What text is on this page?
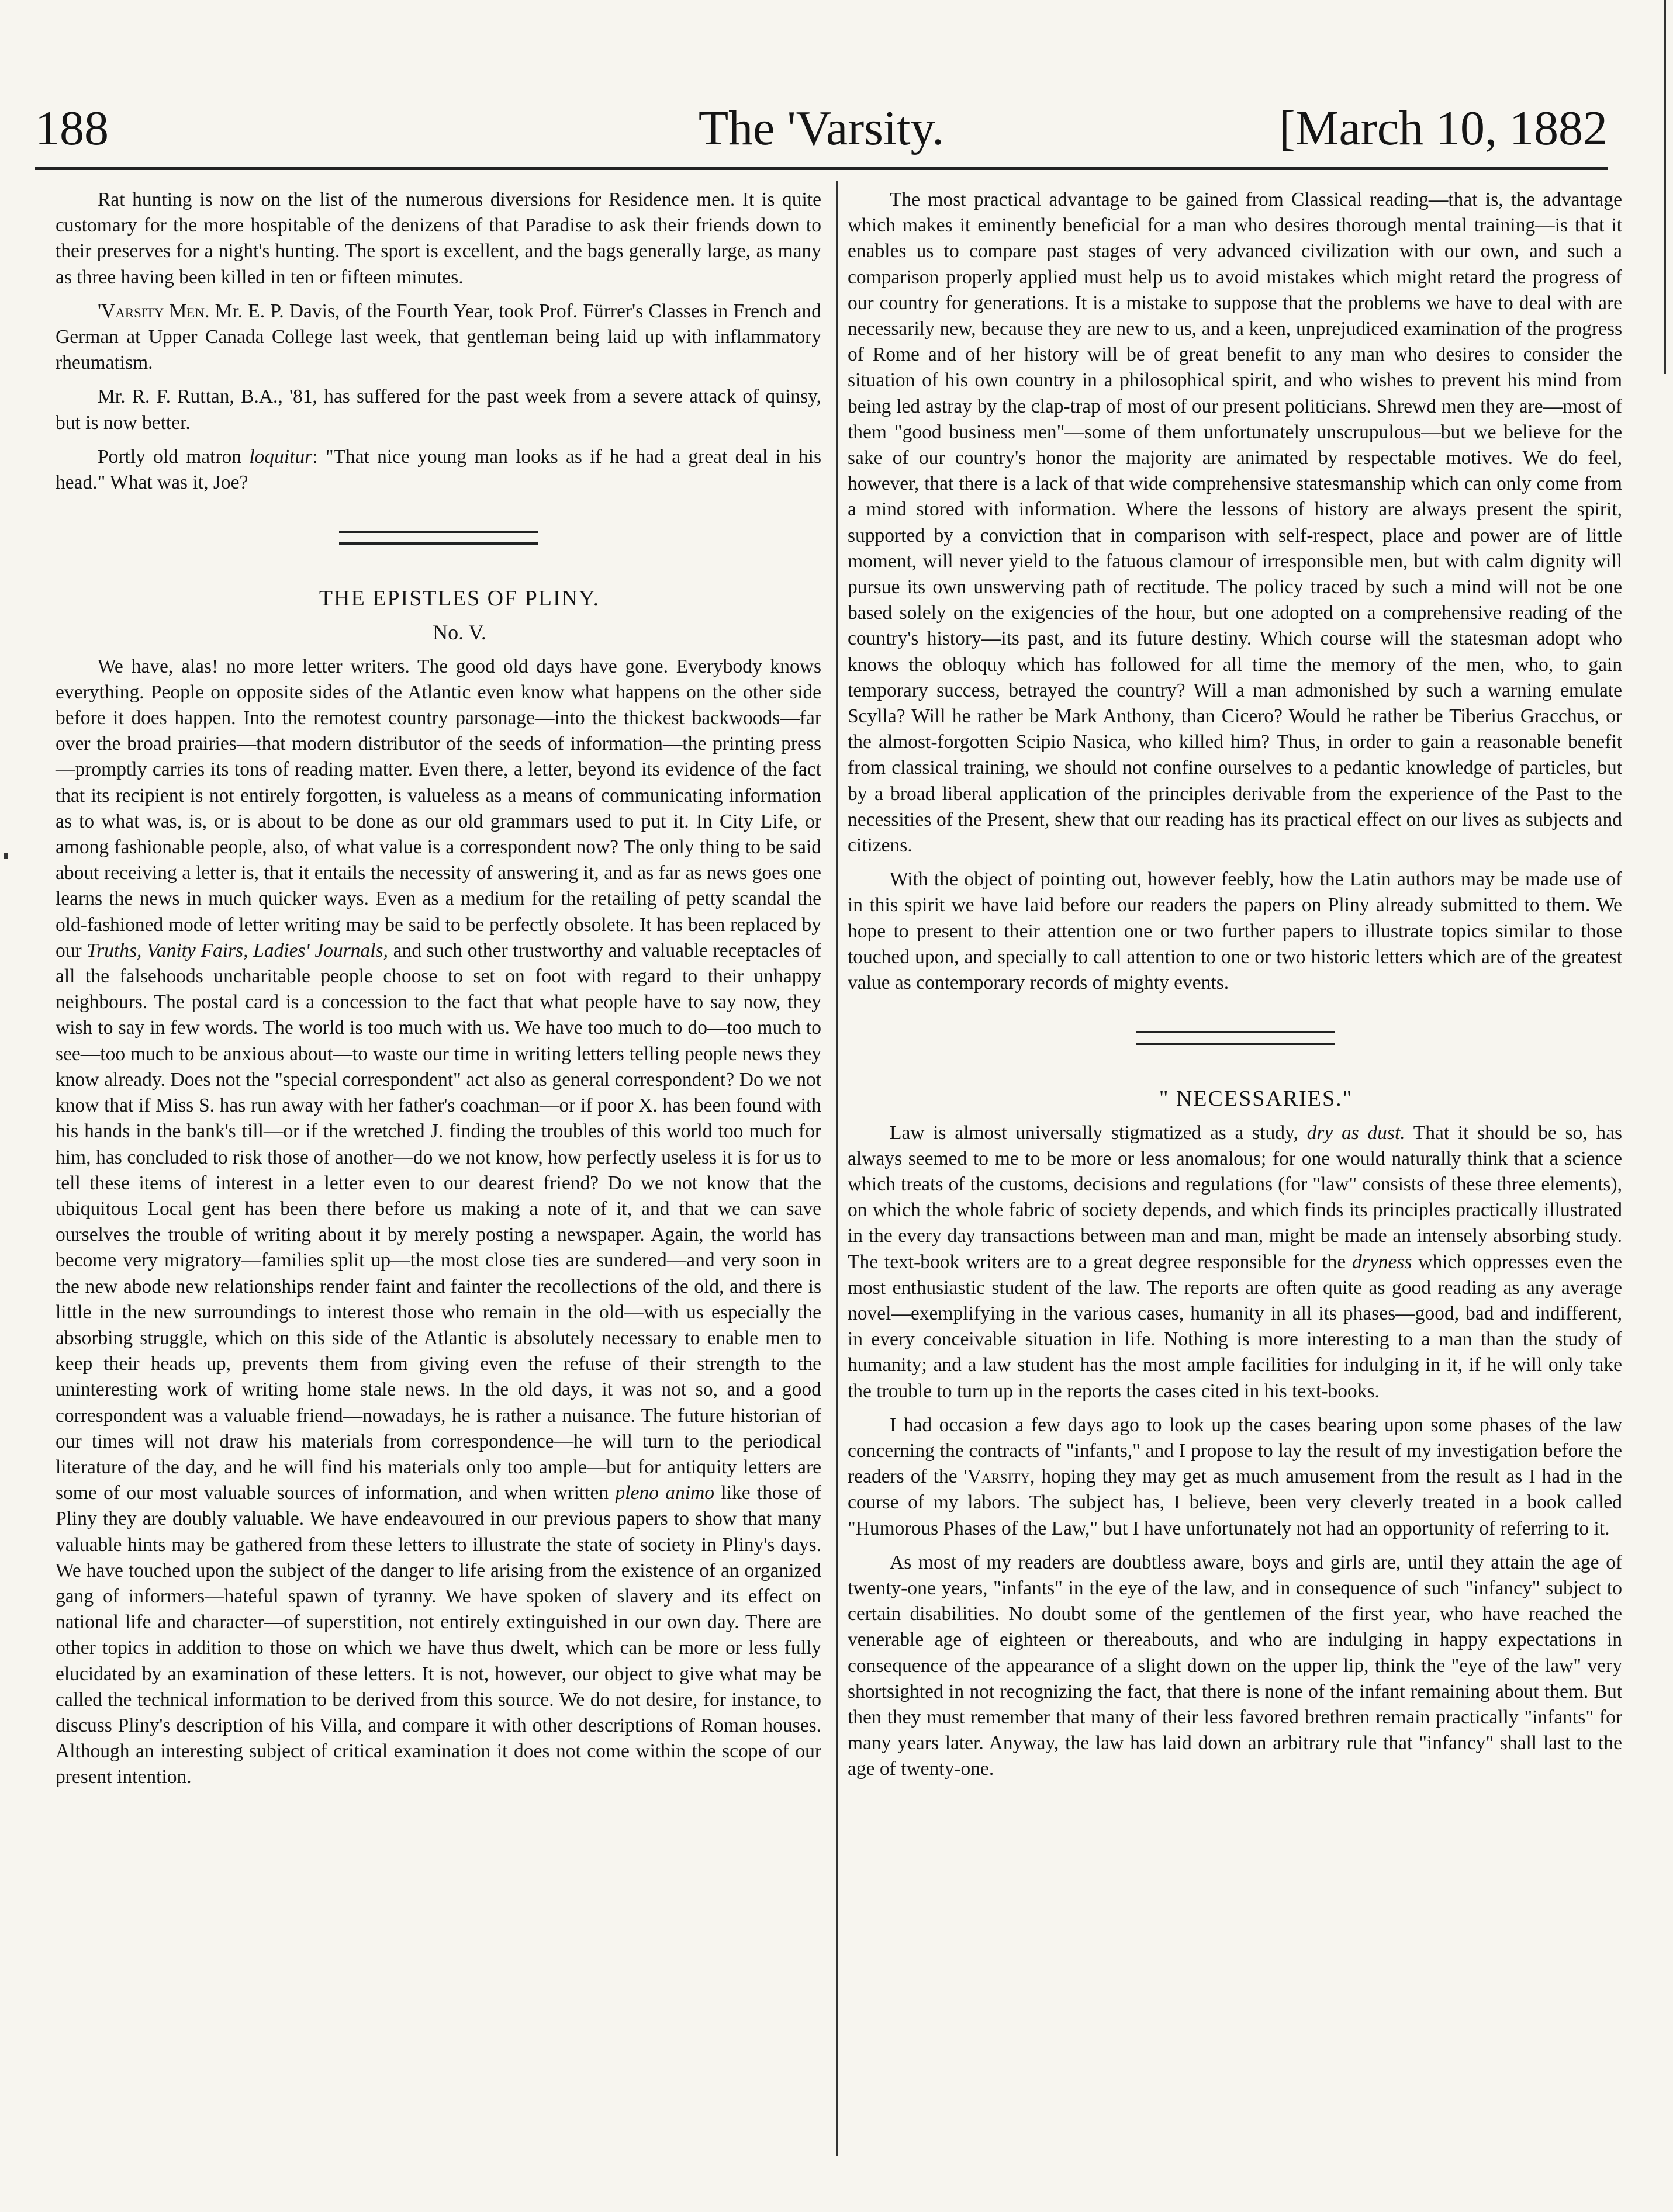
188	The 'Varsity.	[March 10, 1882

Rat hunting is now on the list of the numerous diversions for Residence men. It is quite customary for the more hospitable of the denizens of that Paradise to ask their friends down to their preserves for a night's hunting. The sport is excellent, and the bags generally large, as many as three having been killed in ten or fifteen minutes.

'Varsity Men. Mr. E. P. Davis, of the Fourth Year, took Prof. Fürrer's Classes in French and German at Upper Canada College last week, that gentleman being laid up with inflammatory rheumatism.

Mr. R. F. Ruttan, B.A., '81, has suffered for the past week from a severe attack of quinsy, but is now better.

Portly old matron loquitur: "That nice young man looks as if he had a great deal in his head." What was it, Joe?

THE EPISTLES OF PLINY.

No. V.

We have, alas! no more letter writers. The good old days have gone. Everybody knows everything. People on opposite sides of the Atlantic even know what happens on the other side before it does happen. Into the remotest country parsonage—into the thickest backwoods—far over the broad prairies—that modern distributor of the seeds of information—the printing press—promptly carries its tons of reading matter. Even there, a letter, beyond its evidence of the fact that its recipient is not entirely forgotten, is valueless as a means of communicating information as to what was, is, or is about to be done as our old grammars used to put it. In City Life, or among fashionable people, also, of what value is a correspondent now? The only thing to be said about receiving a letter is, that it entails the necessity of answering it, and as far as news goes one learns the news in much quicker ways. Even as a medium for the retailing of petty scandal the old-fashioned mode of letter writing may be said to be perfectly obsolete. It has been replaced by our Truths, Vanity Fairs, Ladies' Journals, and such other trustworthy and valuable receptacles of all the falsehoods uncharitable people choose to set on foot with regard to their unhappy neighbours. The postal card is a concession to the fact that what people have to say now, they wish to say in few words. The world is too much with us. We have too much to do—too much to see—too much to be anxious about—to waste our time in writing letters telling people news they know already. Does not the "special correspondent" act also as general correspondent? Do we not know that if Miss S. has run away with her father's coachman—or if poor X. has been found with his hands in the bank's till—or if the wretched J. finding the troubles of this world too much for him, has concluded to risk those of another—do we not know, how perfectly useless it is for us to tell these items of interest in a letter even to our dearest friend? Do we not know that the ubiquitous Local gent has been there before us making a note of it, and that we can save ourselves the trouble of writing about it by merely posting a newspaper. Again, the world has become very migratory—families split up—the most close ties are sundered—and very soon in the new abode new relationships render faint and fainter the recollections of the old, and there is little in the new surroundings to interest those who remain in the old—with us especially the absorbing struggle, which on this side of the Atlantic is absolutely necessary to enable men to keep their heads up, prevents them from giving even the refuse of their strength to the uninteresting work of writing home stale news. In the old days, it was not so, and a good correspondent was a valuable friend—nowadays, he is rather a nuisance. The future historian of our times will not draw his materials from correspondence—he will turn to the periodical literature of the day, and he will find his materials only too ample—but for antiquity letters are some of our most valuable sources of information, and when written pleno animo like those of Pliny they are doubly valuable. We have endeavoured in our previous papers to show that many valuable hints may be gathered from these letters to illustrate the state of society in Pliny's days. We have touched upon the subject of the danger to life arising from the existence of an organized gang of informers—hateful spawn of tyranny. We have spoken of slavery and its effect on national life and character—of superstition, not entirely extinguished in our own day. There are other topics in addition to those on which we have thus dwelt, which can be more or less fully elucidated by an examination of these letters. It is not, however, our object to give what may be called the technical information to be derived from this source. We do not desire, for instance, to discuss Pliny's description of his Villa, and compare it with other descriptions of Roman houses. Although an interesting subject of critical examination it does not come within the scope of our present intention.

The most practical advantage to be gained from Classical reading—that is, the advantage which makes it eminently beneficial for a man who desires thorough mental training—is that it enables us to compare past stages of very advanced civilization with our own, and such a comparison properly applied must help us to avoid mistakes which might retard the progress of our country for generations. It is a mistake to suppose that the problems we have to deal with are necessarily new, because they are new to us, and a keen, unprejudiced examination of the progress of Rome and of her history will be of great benefit to any man who desires to consider the situation of his own country in a philosophical spirit, and who wishes to prevent his mind from being led astray by the clap-trap of most of our present politicians. Shrewd men they are—most of them "good business men"—some of them unfortunately unscrupulous—but we believe for the sake of our country's honor the majority are animated by respectable motives. We do feel, however, that there is a lack of that wide comprehensive statesmanship which can only come from a mind stored with information. Where the lessons of history are always present the spirit, supported by a conviction that in comparison with self-respect, place and power are of little moment, will never yield to the fatuous clamour of irresponsible men, but with calm dignity will pursue its own unswerving path of rectitude. The policy traced by such a mind will not be one based solely on the exigencies of the hour, but one adopted on a comprehensive reading of the country's history—its past, and its future destiny. Which course will the statesman adopt who knows the obloquy which has followed for all time the memory of the men, who, to gain temporary success, betrayed the country? Will a man admonished by such a warning emulate Scylla? Will he rather be Mark Anthony, than Cicero? Would he rather be Tiberius Gracchus, or the almost-forgotten Scipio Nasica, who killed him? Thus, in order to gain a reasonable benefit from classical training, we should not confine ourselves to a pedantic knowledge of particles, but by a broad liberal application of the principles derivable from the experience of the Past to the necessities of the Present, shew that our reading has its practical effect on our lives as subjects and citizens.

With the object of pointing out, however feebly, how the Latin authors may be made use of in this spirit we have laid before our readers the papers on Pliny already submitted to them. We hope to present to their attention one or two further papers to illustrate topics similar to those touched upon, and specially to call attention to one or two historic letters which are of the greatest value as contemporary records of mighty events.

" NECESSARIES."

Law is almost universally stigmatized as a study, dry as dust. That it should be so, has always seemed to me to be more or less anomalous; for one would naturally think that a science which treats of the customs, decisions and regulations (for "law" consists of these three elements), on which the whole fabric of society depends, and which finds its principles practically illustrated in the every day transactions between man and man, might be made an intensely absorbing study. The text-book writers are to a great degree responsible for the dryness which oppresses even the most enthusiastic student of the law. The reports are often quite as good reading as any average novel—exemplifying in the various cases, humanity in all its phases—good, bad and indifferent, in every conceivable situation in life. Nothing is more interesting to a man than the study of humanity; and a law student has the most ample facilities for indulging in it, if he will only take the trouble to turn up in the reports the cases cited in his text-books.

I had occasion a few days ago to look up the cases bearing upon some phases of the law concerning the contracts of "infants," and I propose to lay the result of my investigation before the readers of the 'Varsity, hoping they may get as much amusement from the result as I had in the course of my labors. The subject has, I believe, been very cleverly treated in a book called "Humorous Phases of the Law," but I have unfortunately not had an opportunity of referring to it.

As most of my readers are doubtless aware, boys and girls are, until they attain the age of twenty-one years, "infants" in the eye of the law, and in consequence of such "infancy" subject to certain disabilities. No doubt some of the gentlemen of the first year, who have reached the venerable age of eighteen or thereabouts, and who are indulging in happy expectations in consequence of the appearance of a slight down on the upper lip, think the "eye of the law" very shortsighted in not recognizing the fact, that there is none of the infant remaining about them. But then they must remember that many of their less favored brethren remain practically "infants" for many years later. Anyway, the law has laid down an arbitrary rule that "infancy" shall last to the age of twenty-one.
